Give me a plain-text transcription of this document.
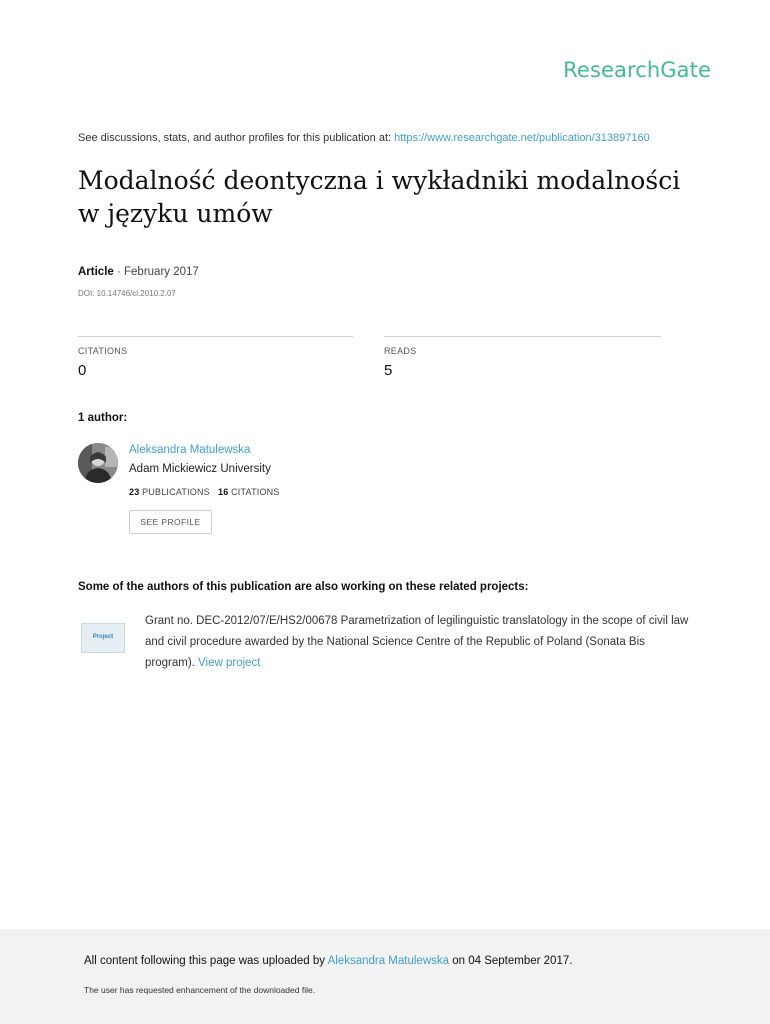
ResearchGate
See discussions, stats, and author profiles for this publication at: https://www.researchgate.net/publication/313897160
Modalność deontyczna i wykładniki modalności
w języku umów
Article · February 2017
DOI: 10.14746/cl.2010.2.07
CITATIONS
0
READS
5
1 author:
Aleksandra Matulewska
Adam Mickiewicz University
23 PUBLICATIONS 16 CITATIONS
SEE PROFILE
Some of the authors of this publication are also working on these related projects:
Project

Grant no. DEC-2012/07/E/HS2/00678 Parametrization of legilinguistic translatology in the scope of civil law and civil procedure awarded by the National Science Centre of the Republic of Poland (Sonata Bis program). View project

All content following this page was uploaded by Aleksandra Matulewska on 04 September 2017.
The user has requested enhancement of the downloaded file.
